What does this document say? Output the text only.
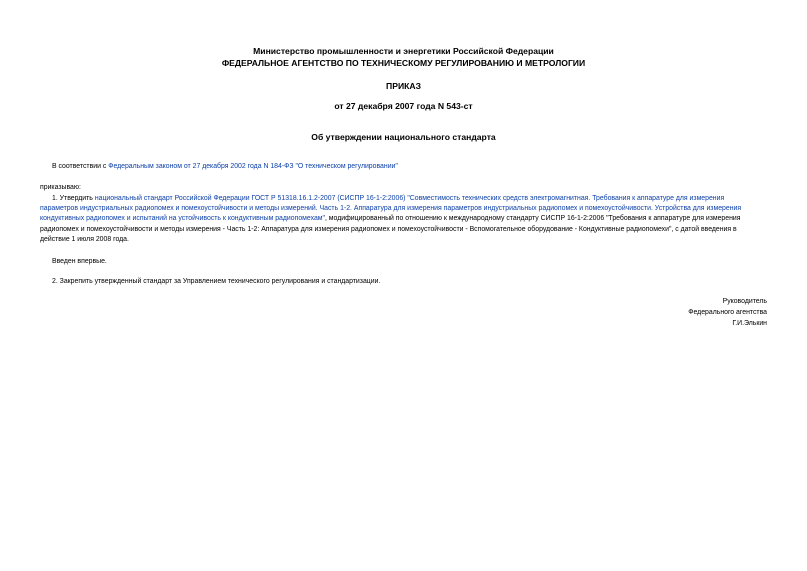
Министерство промышленности и энергетики Российской Федерации
ФЕДЕРАЛЬНОЕ АГЕНТСТВО ПО ТЕХНИЧЕСКОМУ РЕГУЛИРОВАНИЮ И МЕТРОЛОГИИ
ПРИКАЗ
от 27 декабря 2007 года N 543-ст
Об утверждении национального стандарта
В соответствии с Федеральным законом от 27 декабря 2002 года N 184-ФЗ "О техническом регулировании"
приказываю:
1. Утвердить национальный стандарт Российской Федерации ГОСТ Р 51318.16.1.2-2007 (СИСПР 16-1-2:2006) "Совместимость технических средств электромагнитная. Требования к аппаратуре для измерения
параметров индустриальных радиопомех и помехоустойчивости и методы измерений. Часть 1-2. Аппаратура для измерения параметров индустриальных радиопомех и помехоустойчивости. Устройства для измерения
кондуктивных радиопомех и испытаний на устойчивость к кондуктивным радиопомехам", модифицированный по отношению к международному стандарту СИСПР 16-1-2:2006 "Требования к аппаратуре для измерения
радиопомех и помехоустойчивости и методы измерения - Часть 1-2: Аппаратура для измерения радиопомех и помехоустойчивости - Вспомогательное оборудование - Кондуктивные радиопомехи", с датой введения в
действие 1 июля 2008 года.
Введен впервые.
2. Закрепить утвержденный стандарт за Управлением технического регулирования и стандартизации.
Руководитель
Федерального агентства
Г.И.Элькин
